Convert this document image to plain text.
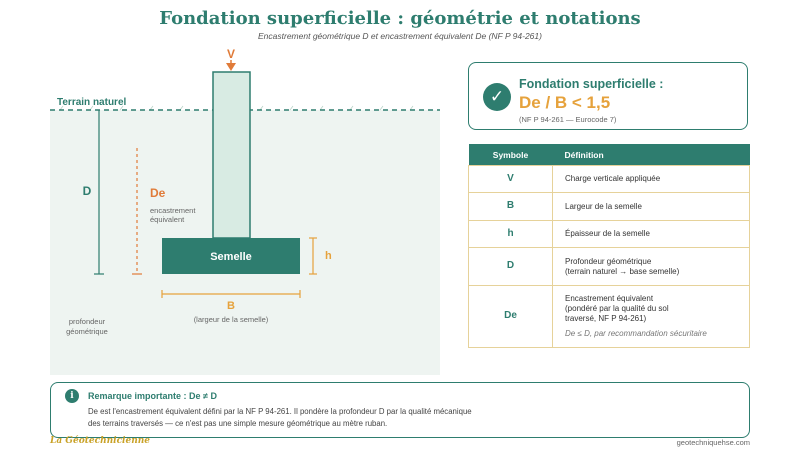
Fondation superficielle : géométrie et notations
Encastrement géométrique D et encastrement équivalent De (NF P 94-261)
V
Semelle
Terrain naturel
D	De
encastrement
équivalent
h
B
(largeur de la semelle)
profondeur
géométrique
✓
Fondation superficielle :
De / B < 1,5
(NF P 94-261 — Eurocode 7)
Symbole	Définition
V	Charge verticale appliquée
B	Largeur de la semelle
h	Épaisseur de la semelle
D	Profondeur géométrique
(terrain naturel → base semelle)

De	Encastrement équivalent
(pondéré par la qualité du sol
traversé, NF P 94-261)
De ≤ D, par recommandation sécuritaire
i	Remarque importante : De ≠ D
De est l'encastrement équivalent défini par la NF P 94-261. Il pondère la profondeur D par la qualité mécanique
des terrains traversés — ce n'est pas une simple mesure géométrique au mètre ruban.
La Géotechnicienne	geotechniquehse.com
